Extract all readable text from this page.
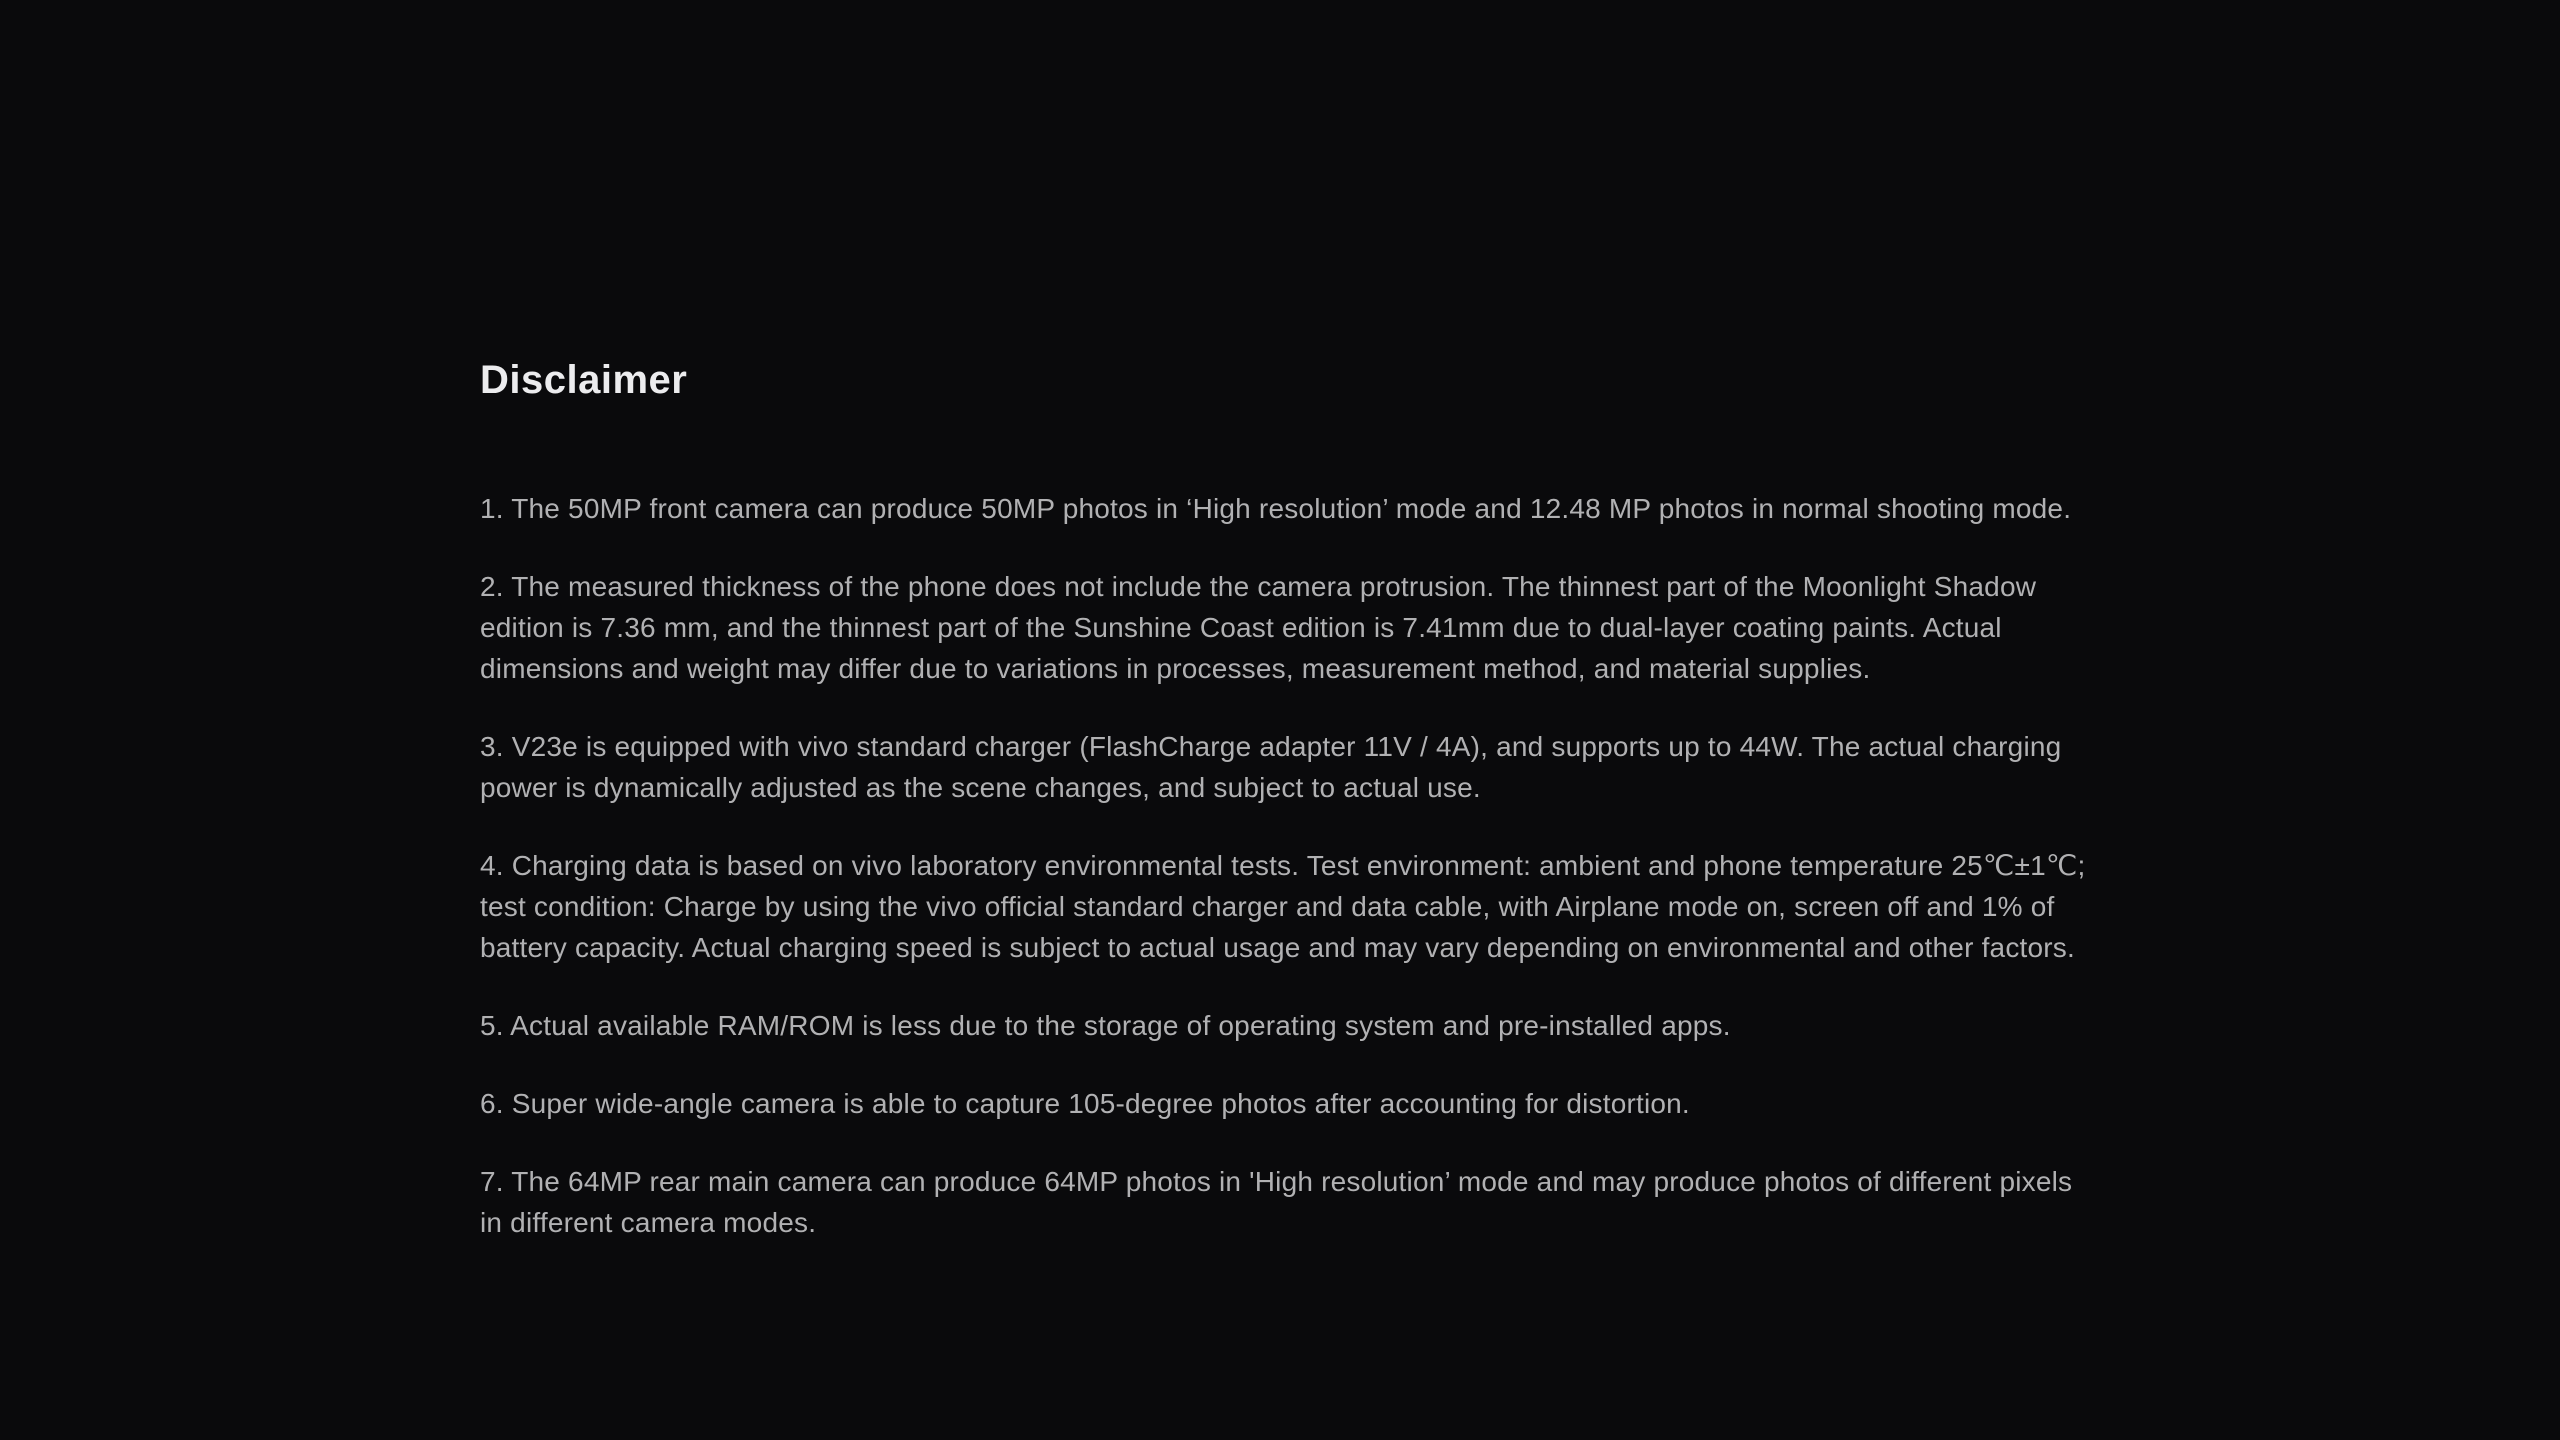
Disclaimer

1. The 50MP front camera can produce 50MP photos in ‘High resolution’ mode and 12.48 MP photos in normal shooting mode.

2. The measured thickness of the phone does not include the camera protrusion. The thinnest part of the Moonlight Shadow edition is 7.36 mm, and the thinnest part of the Sunshine Coast edition is 7.41mm due to dual-layer coating paints. Actual dimensions and weight may differ due to variations in processes, measurement method, and material supplies.

3. V23e is equipped with vivo standard charger (FlashCharge adapter 11V / 4A), and supports up to 44W. The actual charging power is dynamically adjusted as the scene changes, and subject to actual use.

4. Charging data is based on vivo laboratory environmental tests. Test environment: ambient and phone temperature 25℃±1℃; test condition: Charge by using the vivo official standard charger and data cable, with Airplane mode on, screen off and 1% of battery capacity. Actual charging speed is subject to actual usage and may vary depending on environmental and other factors.

5. Actual available RAM/ROM is less due to the storage of operating system and pre-installed apps.

6. Super wide-angle camera is able to capture 105-degree photos after accounting for distortion.

7. The 64MP rear main camera can produce 64MP photos in 'High resolution’ mode and may produce photos of different pixels in different camera modes.
